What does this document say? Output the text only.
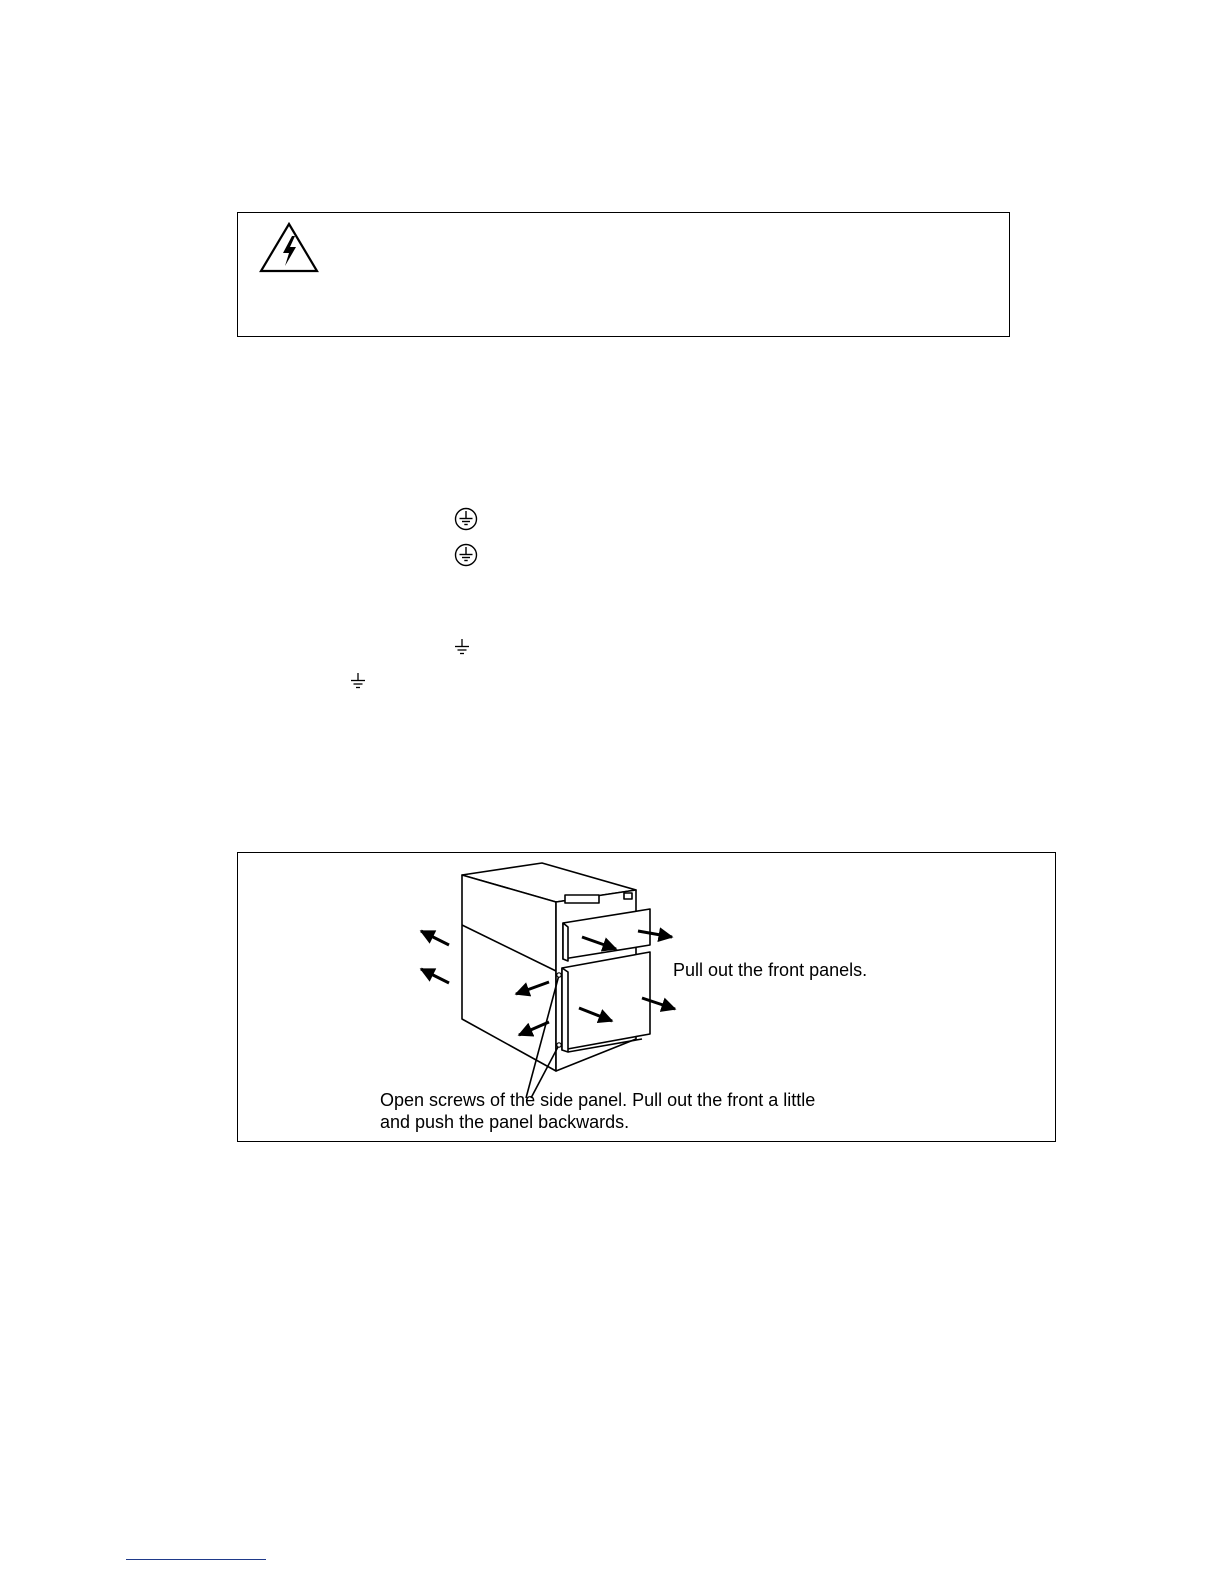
Pull out the front panels.
Open screws of the side panel. Pull out the front a little
and push the panel backwards.
